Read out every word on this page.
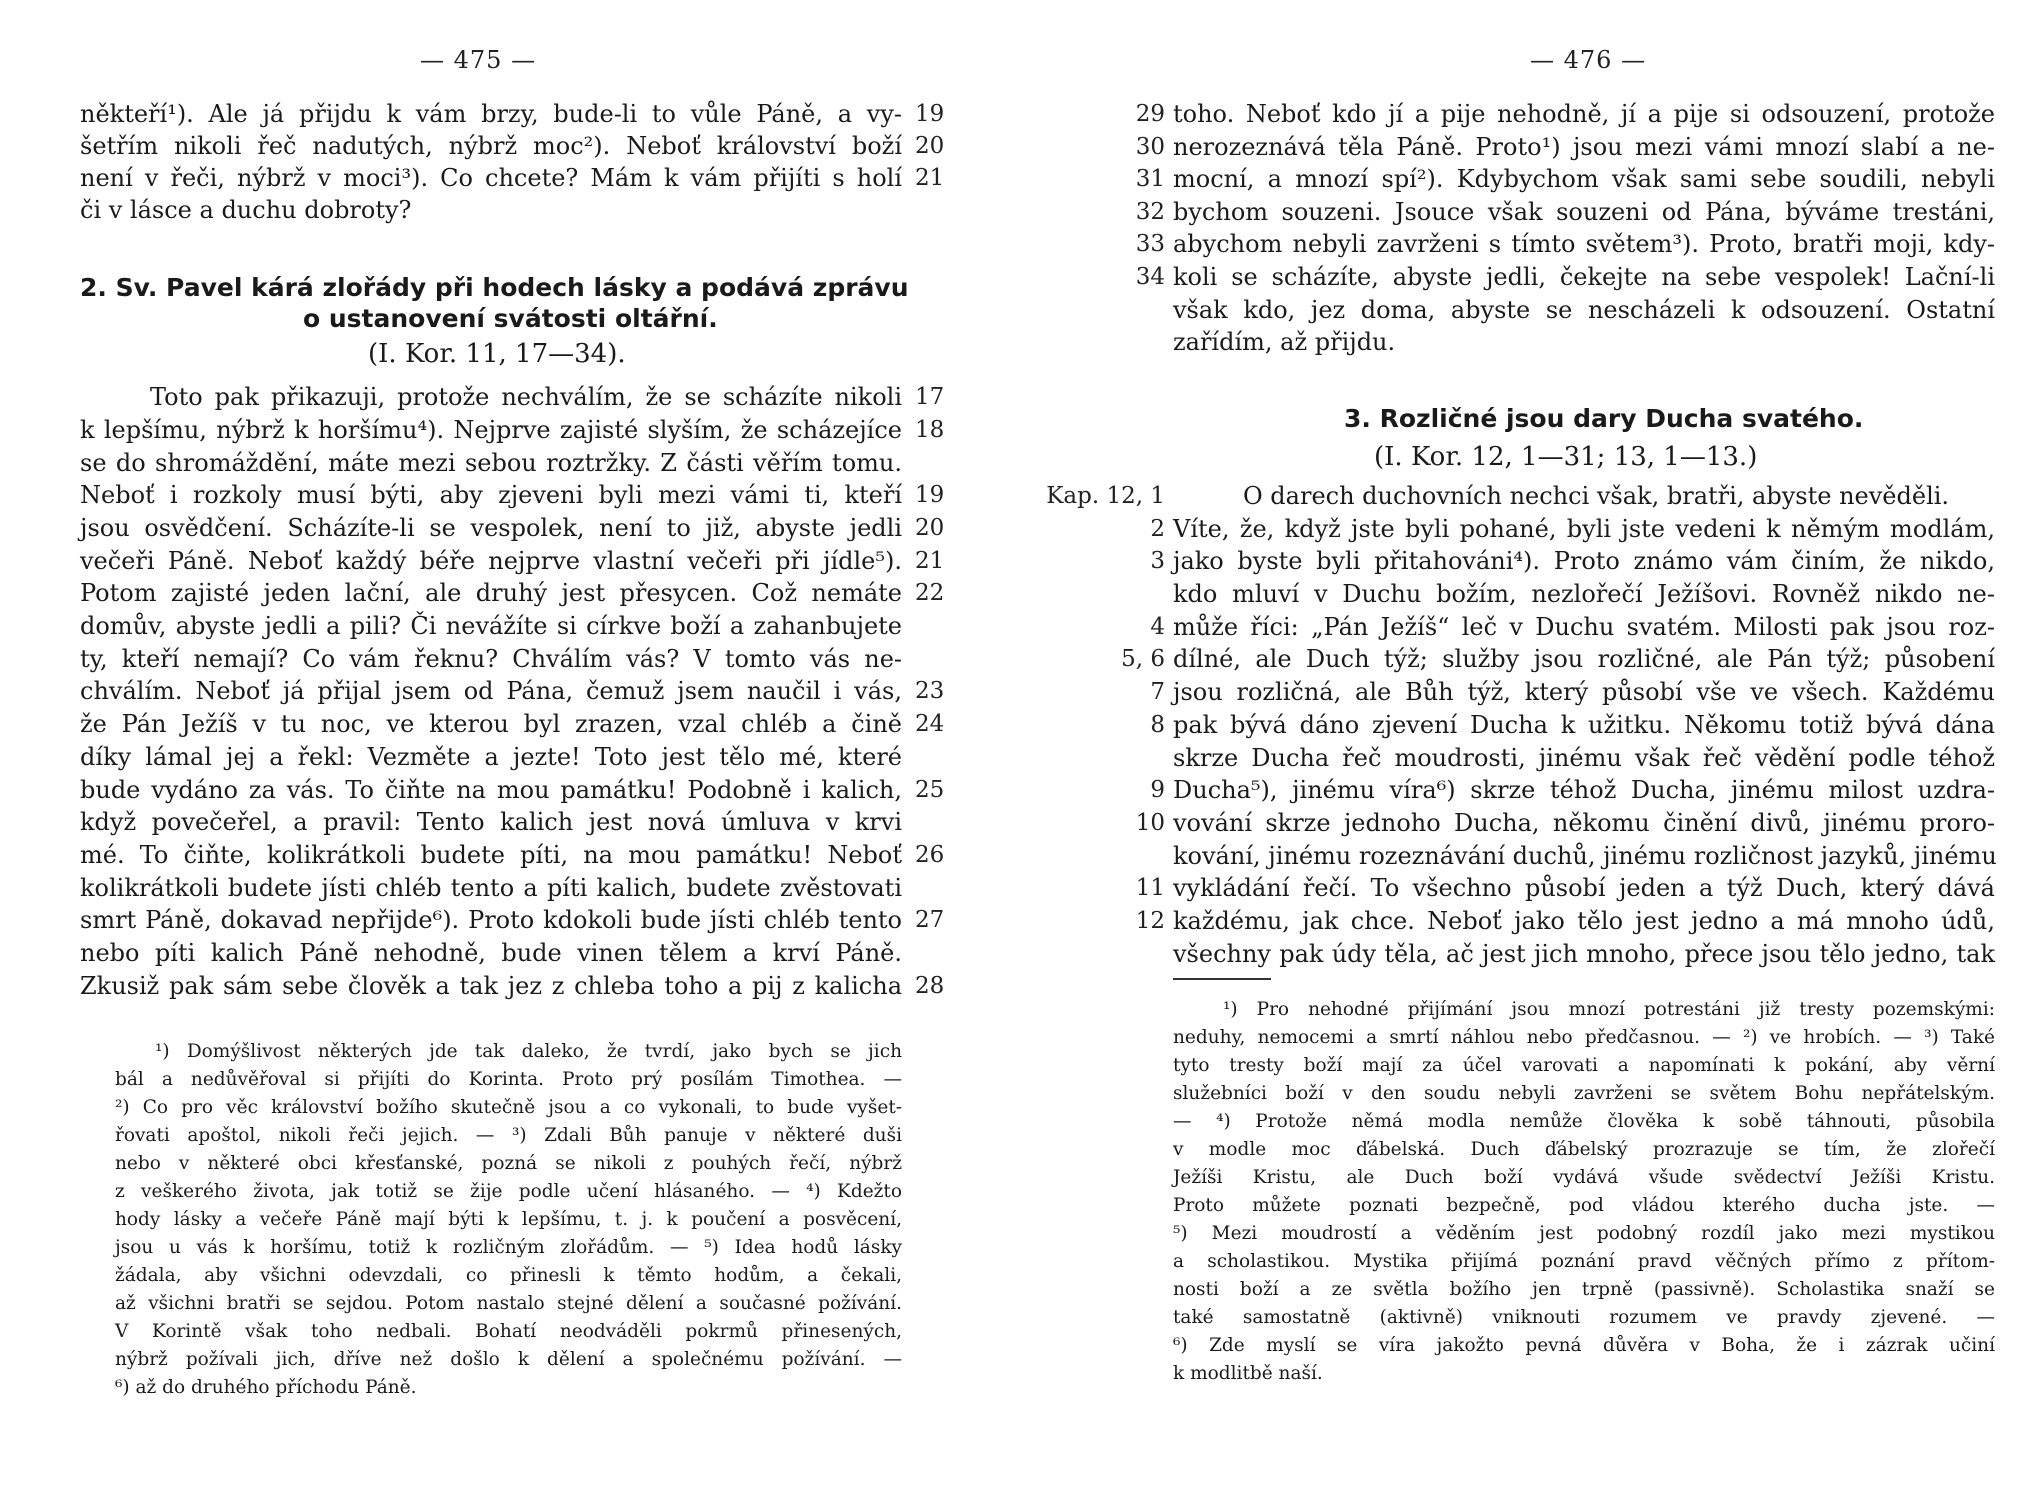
— 475 —
někteří¹). Ale já přijdu k vám brzy, bude-li to vůle Páně, a vy-
šetřím nikoli řeč nadutých, nýbrž moc²). Neboť království boží
není v řeči, nýbrž v moci³). Co chcete? Mám k vám přijíti s holí
či v lásce a duchu dobroty?
2. Sv. Pavel kárá zlořády při hodech lásky a podává zprávu
o ustanovení svátosti oltářní.
(I. Kor. 11, 17—34).
Toto pak přikazuji, protože nechválím, že se scházíte nikoli
k lepšímu, nýbrž k horšímu⁴). Nejprve zajisté slyším, že scházejíce
se do shromáždění, máte mezi sebou roztržky. Z části věřím tomu.
Neboť i rozkoly musí býti, aby zjeveni byli mezi vámi ti, kteří
jsou osvědčení. Scházíte-li se vespolek, není to již, abyste jedli
večeři Páně. Neboť každý béře nejprve vlastní večeři při jídle⁵).
Potom zajisté jeden lační, ale druhý jest přesycen. Což nemáte
domův, abyste jedli a pili? Či nevážíte si církve boží a zahanbujete
ty, kteří nemají? Co vám řeknu? Chválím vás? V tomto vás ne-
chválím. Neboť já přijal jsem od Pána, čemuž jsem naučil i vás,
že Pán Ježíš v tu noc, ve kterou byl zrazen, vzal chléb a čině
díky lámal jej a řekl: Vezměte a jezte! Toto jest tělo mé, které
bude vydáno za vás. To čiňte na mou památku! Podobně i kalich,
když povečeřel, a pravil: Tento kalich jest nová úmluva v krvi
mé. To čiňte, kolikrátkoli budete píti, na mou památku! Neboť
kolikrátkoli budete jísti chléb tento a píti kalich, budete zvěstovati
smrt Páně, dokavad nepřijde⁶). Proto kdokoli bude jísti chléb tento
nebo píti kalich Páně nehodně, bude vinen tělem a krví Páně.
Zkusiž pak sám sebe člověk a tak jez z chleba toho a pij z kalicha
19
20
21
17
18
19
20
21
22
23
24
25
26
27
28
¹) Domýšlivost některých jde tak daleko, že tvrdí, jako bych se jich
bál a nedůvěřoval si přijíti do Korinta. Proto prý posílám Timothea. —
²) Co pro věc království božího skutečně jsou a co vykonali, to bude vyšet-
řovati apoštol, nikoli řeči jejich. — ³) Zdali Bůh panuje v některé duši
nebo v některé obci křesťanské, pozná se nikoli z pouhých řečí, nýbrž
z veškerého života, jak totiž se žije podle učení hlásaného. — ⁴) Kdežto
hody lásky a večeře Páně mají býti k lepšímu, t. j. k poučení a posvěcení,
jsou u vás k horšímu, totiž k rozličným zlořádům. — ⁵) Idea hodů lásky
žádala, aby všichni odevzdali, co přinesli k těmto hodům, a čekali,
až všichni bratři se sejdou. Potom nastalo stejné dělení a současné požívání.
V Korintě však toho nedbali. Bohatí neodváděli pokrmů přinesených,
nýbrž požívali jich, dříve než došlo k dělení a společnému požívání. —
⁶) až do druhého příchodu Páně.
— 476 —
toho. Neboť kdo jí a pije nehodně, jí a pije si odsouzení, protože
nerozeznává těla Páně. Proto¹) jsou mezi vámi mnozí slabí a ne-
mocní, a mnozí spí²). Kdybychom však sami sebe soudili, nebyli
bychom souzeni. Jsouce však souzeni od Pána, býváme trestáni,
abychom nebyli zavrženi s tímto světem³). Proto, bratři moji, kdy-
koli se scházíte, abyste jedli, čekejte na sebe vespolek! Lační-li
však kdo, jez doma, abyste se nescházeli k odsouzení. Ostatní
zařídím, až přijdu.
3. Rozličné jsou dary Ducha svatého.
(I. Kor. 12, 1—31; 13, 1—13.)
O darech duchovních nechci však, bratři, abyste nevěděli.
Víte, že, když jste byli pohané, byli jste vedeni k němým modlám,
jako byste byli přitahováni⁴). Proto známo vám činím, že nikdo,
kdo mluví v Duchu božím, nezlořečí Ježíšovi. Rovněž nikdo ne-
může říci: „Pán Ježíš“ leč v Duchu svatém. Milosti pak jsou roz-
dílné, ale Duch týž; služby jsou rozličné, ale Pán týž; působení
jsou rozličná, ale Bůh týž, který působí vše ve všech. Každému
pak bývá dáno zjevení Ducha k užitku. Někomu totiž bývá dána
skrze Ducha řeč moudrosti, jinému však řeč vědění podle téhož
Ducha⁵), jinému víra⁶) skrze téhož Ducha, jinému milost uzdra-
vování skrze jednoho Ducha, někomu činění divů, jinému proro-
kování, jinému rozeznávání duchů, jinému rozličnost jazyků, jinému
vykládání řečí. To všechno působí jeden a týž Duch, který dává
každému, jak chce. Neboť jako tělo jest jedno a má mnoho údů,
všechny pak údy těla, ač jest jich mnoho, přece jsou tělo jedno, tak
29
30
31
32
33
34
Kap. 12, 1
2
3
4
5, 6
7
8
9
10
11
12
¹) Pro nehodné přijímání jsou mnozí potrestáni již tresty pozemskými:
neduhy, nemocemi a smrtí náhlou nebo předčasnou. — ²) ve hrobích. — ³) Také
tyto tresty boží mají za účel varovati a napomínati k pokání, aby věrní
služebníci boží v den soudu nebyli zavrženi se světem Bohu nepřátelským.
— ⁴) Protože němá modla nemůže člověka k sobě táhnouti, působila
v modle moc ďábelská. Duch ďábelský prozrazuje se tím, že zlořečí
Ježíši Kristu, ale Duch boží vydává všude svědectví Ježíši Kristu.
Proto můžete poznati bezpečně, pod vládou kterého ducha jste. —
⁵) Mezi moudrostí a věděním jest podobný rozdíl jako mezi mystikou
a scholastikou. Mystika přijímá poznání pravd věčných přímo z přítom-
nosti boží a ze světla božího jen trpně (passivně). Scholastika snaží se
také samostatně (aktivně) vniknouti rozumem ve pravdy zjevené. —
⁶) Zde myslí se víra jakožto pevná důvěra v Boha, že i zázrak učiní
k modlitbě naší.
